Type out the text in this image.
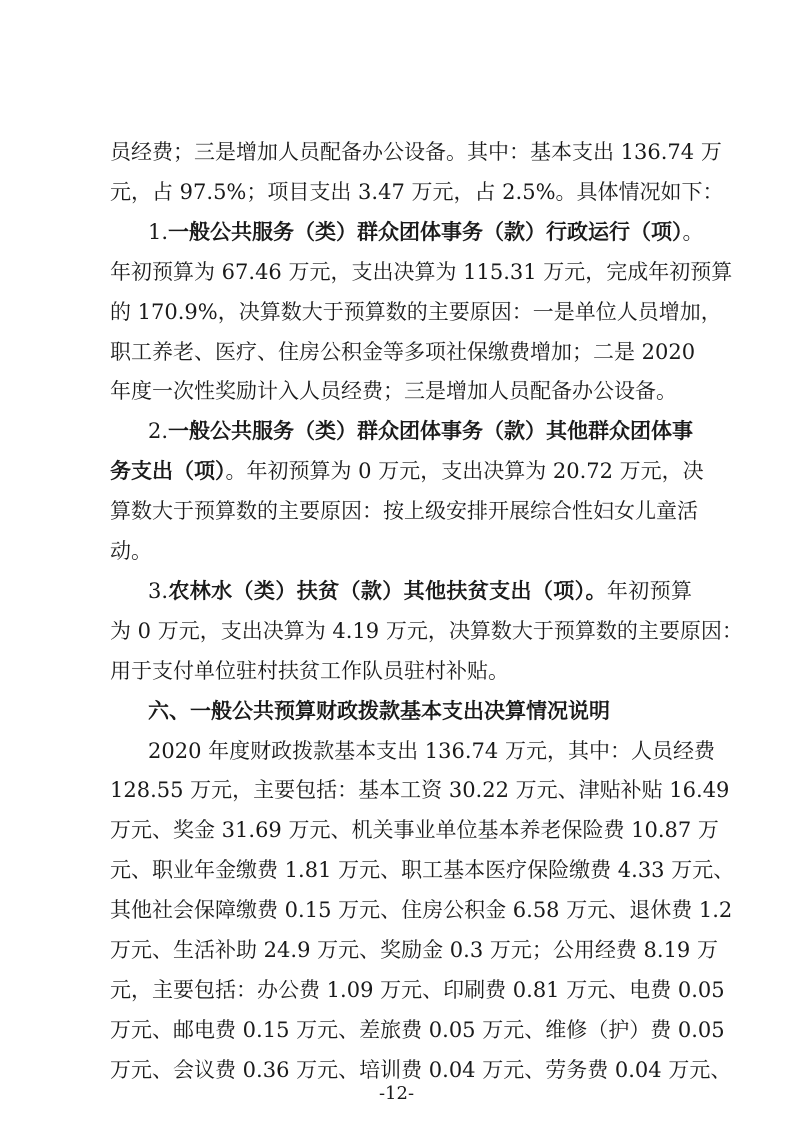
员经费；三是增加人员配备办公设备。其中：基本支出 136.74 万
元，占 97.5%；项目支出 3.47 万元，占 2.5%。具体情况如下：
1.一般公共服务（类）群众团体事务（款）行政运行（项）。
年初预算为 67.46 万元，支出决算为 115.31 万元，完成年初预算
的 170.9%，决算数大于预算数的主要原因：一是单位人员增加，
职工养老、医疗、住房公积金等多项社保缴费增加；二是 2020
年度一次性奖励计入人员经费；三是增加人员配备办公设备。
2.一般公共服务（类）群众团体事务（款）其他群众团体事
务支出（项）。年初预算为 0 万元，支出决算为 20.72 万元，决
算数大于预算数的主要原因：按上级安排开展综合性妇女儿童活
动。
3.农林水（类）扶贫（款）其他扶贫支出（项）。年初预算
为 0 万元，支出决算为 4.19 万元，决算数大于预算数的主要原因：
用于支付单位驻村扶贫工作队员驻村补贴。
六、一般公共预算财政拨款基本支出决算情况说明
2020 年度财政拨款基本支出 136.74 万元，其中：人员经费
128.55 万元，主要包括：基本工资 30.22 万元、津贴补贴 16.49
万元、奖金 31.69 万元、机关事业单位基本养老保险费 10.87 万
元、职业年金缴费 1.81 万元、职工基本医疗保险缴费 4.33 万元、
其他社会保障缴费 0.15 万元、住房公积金 6.58 万元、退休费 1.2
万元、生活补助 24.9 万元、奖励金 0.3 万元；公用经费 8.19 万
元，主要包括：办公费 1.09 万元、印刷费 0.81 万元、电费 0.05
万元、邮电费 0.15 万元、差旅费 0.05 万元、维修（护）费 0.05
万元、会议费 0.36 万元、培训费 0.04 万元、劳务费 0.04 万元、
-12-
